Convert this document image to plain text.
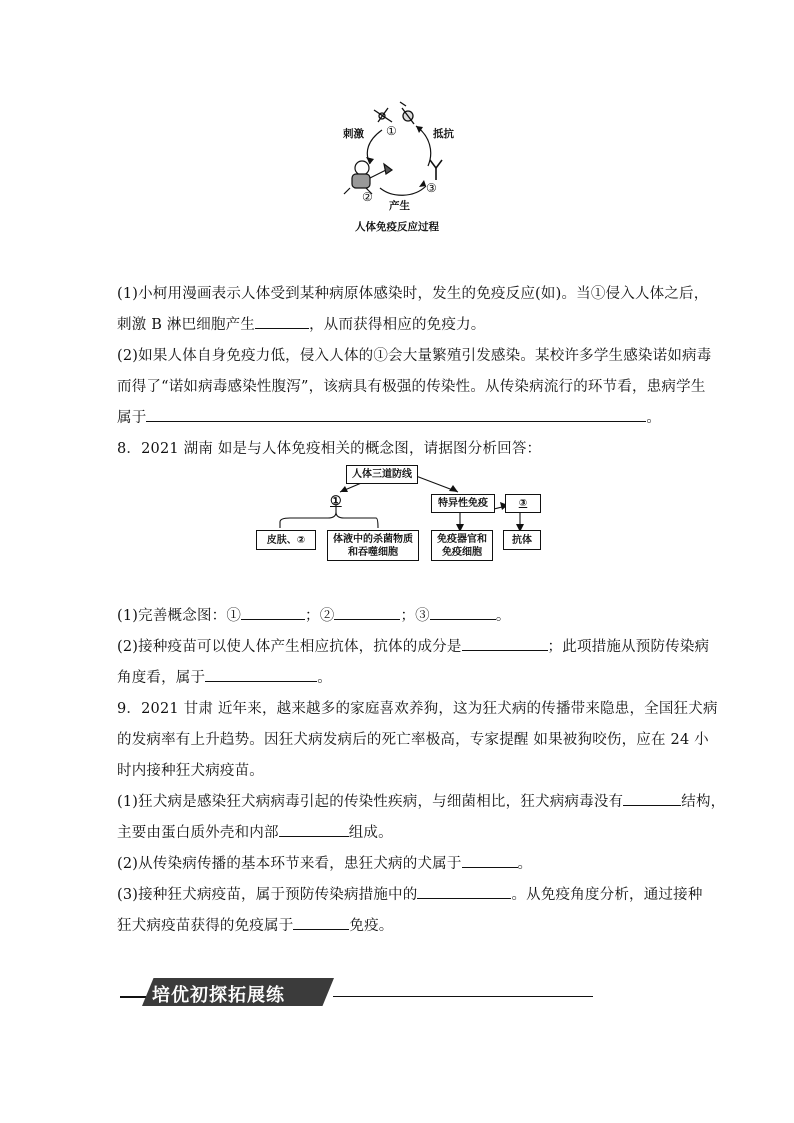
刺激 ①	抵抗
②
③
产生
人体免疫反应过程
(1)小柯用漫画表示人体受到某种病原体感染时，发生的免疫反应(如)。当①侵入人体之后，
刺激 B 淋巴细胞产生	，从而获得相应的免疫力。
(2)如果人体自身免疫力低，侵入人体的①会大量繁殖引发感染。某校许多学生感染诺如病毒
而得了“诺如病毒感染性腹泻”，该病具有极强的传染性。从传染病流行的环节看，患病学生
属于	。
8．2021 湖南 如是与人体免疫相关的概念图，请据图分析回答：
人体三道防线
①	特异性免疫	③
皮肤、②	体液中的杀菌物质和吞噬细胞
免疫器官和免疫细胞
抗体
(1)完善概念图：①	；②	；③	。
(2)接种疫苗可以使人体产生相应抗体，抗体的成分是	；此项措施从预防传染病
角度看，属于	。
9．2021 甘肃 近年来，越来越多的家庭喜欢养狗，这为狂犬病的传播带来隐患，全国狂犬病
的发病率有上升趋势。因狂犬病发病后的死亡率极高，专家提醒 如果被狗咬伤，应在 24 小
时内接种狂犬病疫苗。
(1)狂犬病是感染狂犬病病毒引起的传染性疾病，与细菌相比，狂犬病病毒没有	结构，
主要由蛋白质外壳和内部	组成。
(2)从传染病传播的基本环节来看，患狂犬病的犬属于	。
(3)接种狂犬病疫苗，属于预防传染病措施中的	。从免疫角度分析，通过接种
狂犬病疫苗获得的免疫属于	免疫。
培优初探拓展练
